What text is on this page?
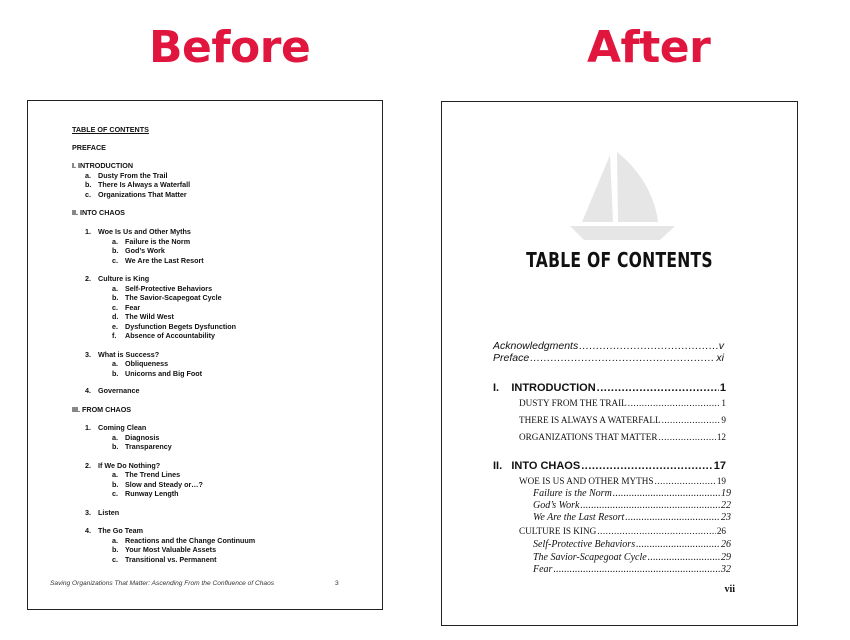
Before	After
TABLE OF CONTENTS
PREFACE
I. INTRODUCTION
a. Dusty From the Trail
b. There Is Always a Waterfall
c. Organizations That Matter
II. INTO CHAOS
1. Woe Is Us and Other Myths
a. Failure is the Norm
b. God’s Work
c. We Are the Last Resort
2. Culture is King
a. Self-Protective Behaviors
b. The Savior-Scapegoat Cycle
c. Fear
d. The Wild West
e. Dysfunction Begets Dysfunction
f. Absence of Accountability
3. What is Success?
a. Obliqueness
b. Unicorns and Big Foot
4. Governance
III. FROM CHAOS
1. Coming Clean
a. Diagnosis
b. Transparency
2. If We Do Nothing?
a. The Trend Lines
b. Slow and Steady or…?
c. Runway Length
3. Listen
4. The Go Team
a. Reactions and the Change Continuum
b. Your Most Valuable Assets
c. Transitional vs. Permanent
Saving Organizations That Matter: Ascending From the Confluence of Chaos	3
TABLE OF CONTENTS
Acknowledgments .....	v
Preface .....	xi
I.    INTRODUCTION .....	1
DUSTY FROM THE TRAIL .....	1
THERE IS ALWAYS A WATERFALL .....	9
ORGANIZATIONS THAT MATTER .....	12
II.   INTO CHAOS .....	17
WOE IS US AND OTHER MYTHS .....	19
Failure is the Norm .....	19
God’s Work .....	22
We Are the Last Resort .....	23
CULTURE IS KING .....	26
Self-Protective Behaviors .....	26
The Savior-Scapegoat Cycle .....	29
Fear .....	32
vii
